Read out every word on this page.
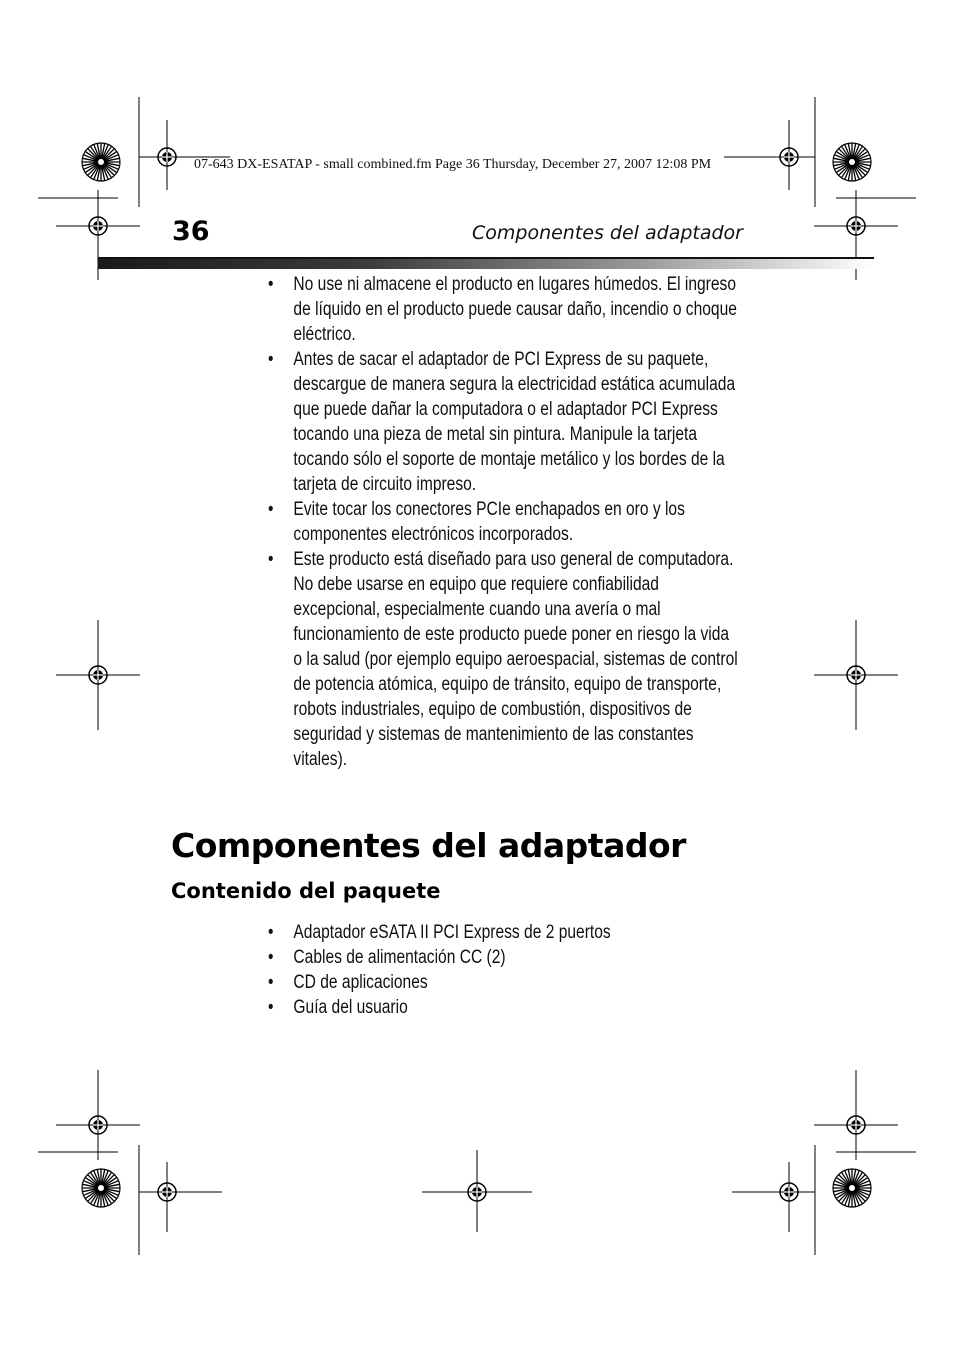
07-643 DX-ESATAP - small combined.fm Page 36 Thursday, December 27, 2007 12:08 PM
36	Componentes del adaptador
• No use ni almacene el producto en lugares húmedos. El ingreso de líquido en el producto puede causar daño, incendio o choque eléctrico.
• Antes de sacar el adaptador de PCI Express de su paquete, descargue de manera segura la electricidad estática acumulada que puede dañar la computadora o el adaptador PCI Express tocando una pieza de metal sin pintura. Manipule la tarjeta tocando sólo el soporte de montaje metálico y los bordes de la tarjeta de circuito impreso.
• Evite tocar los conectores PCIe enchapados en oro y los componentes electrónicos incorporados.
• Este producto está diseñado para uso general de computadora. No debe usarse en equipo que requiere confiabilidad excepcional, especialmente cuando una avería o mal funcionamiento de este producto puede poner en riesgo la vida o la salud (por ejemplo equipo aeroespacial, sistemas de control de potencia atómica, equipo de tránsito, equipo de transporte, robots industriales, equipo de combustión, dispositivos de seguridad y sistemas de mantenimiento de las constantes vitales).
Componentes del adaptador
Contenido del paquete
• Adaptador eSATA II PCI Express de 2 puertos
• Cables de alimentación CC (2)
• CD de aplicaciones
• Guía del usuario
